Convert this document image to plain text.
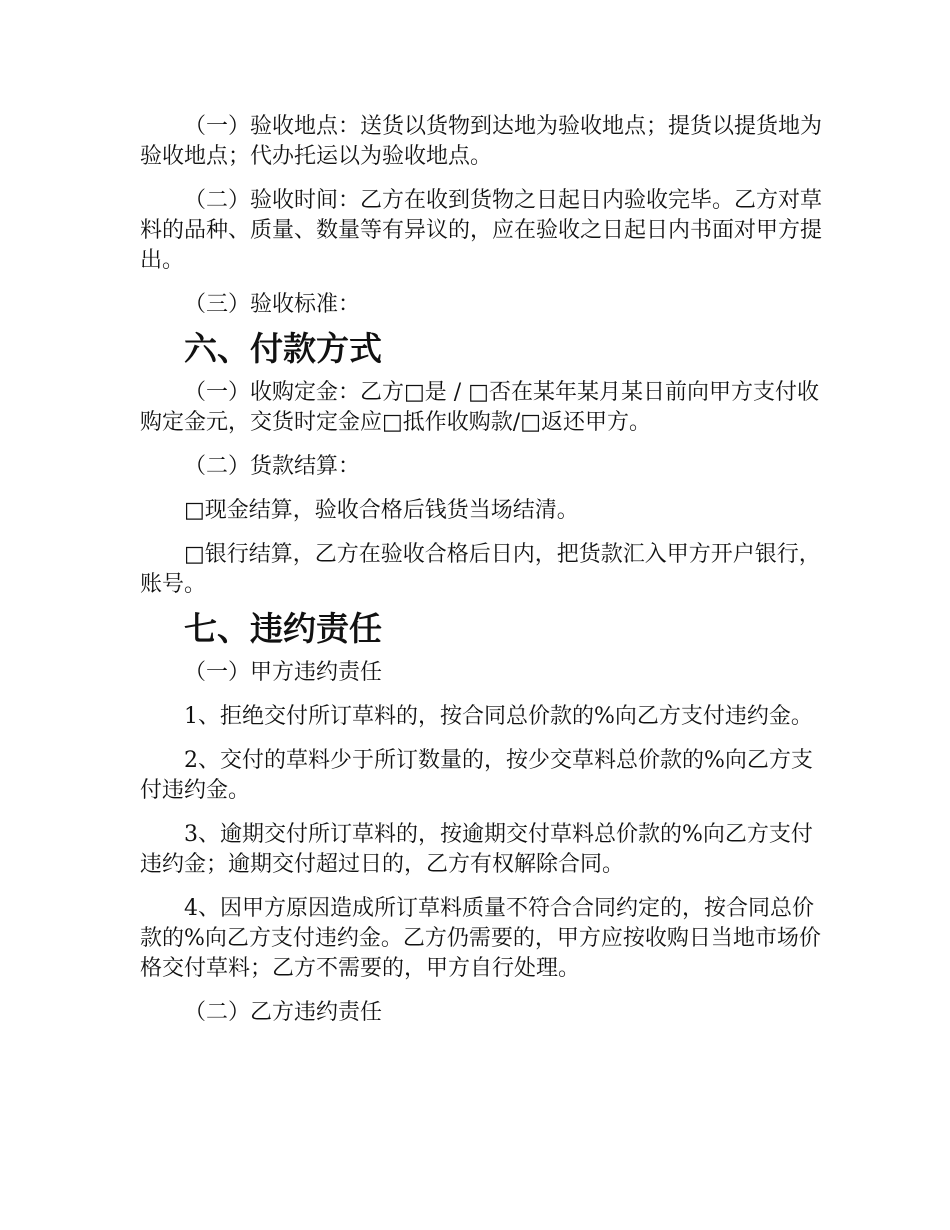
（一）验收地点：送货以货物到达地为验收地点；提货以提货地为验收地点；代办托运以为验收地点。

（二）验收时间：乙方在收到货物之日起日内验收完毕。乙方对草料的品种、质量、数量等有异议的，应在验收之日起日内书面对甲方提出。

（三）验收标准：

六、付款方式

（一）收购定金：乙方□是 / □否在某年某月某日前向甲方支付收购定金元，交货时定金应□抵作收购款/□返还甲方。

（二）货款结算：

□现金结算，验收合格后钱货当场结清。

□银行结算，乙方在验收合格后日内，把货款汇入甲方开户银行，账号。

七、违约责任

（一）甲方违约责任

1、拒绝交付所订草料的，按合同总价款的%向乙方支付违约金。

2、交付的草料少于所订数量的，按少交草料总价款的%向乙方支付违约金。

3、逾期交付所订草料的，按逾期交付草料总价款的%向乙方支付违约金；逾期交付超过日的，乙方有权解除合同。

4、因甲方原因造成所订草料质量不符合合同约定的，按合同总价款的%向乙方支付违约金。乙方仍需要的，甲方应按收购日当地市场价格交付草料；乙方不需要的，甲方自行处理。

（二）乙方违约责任
